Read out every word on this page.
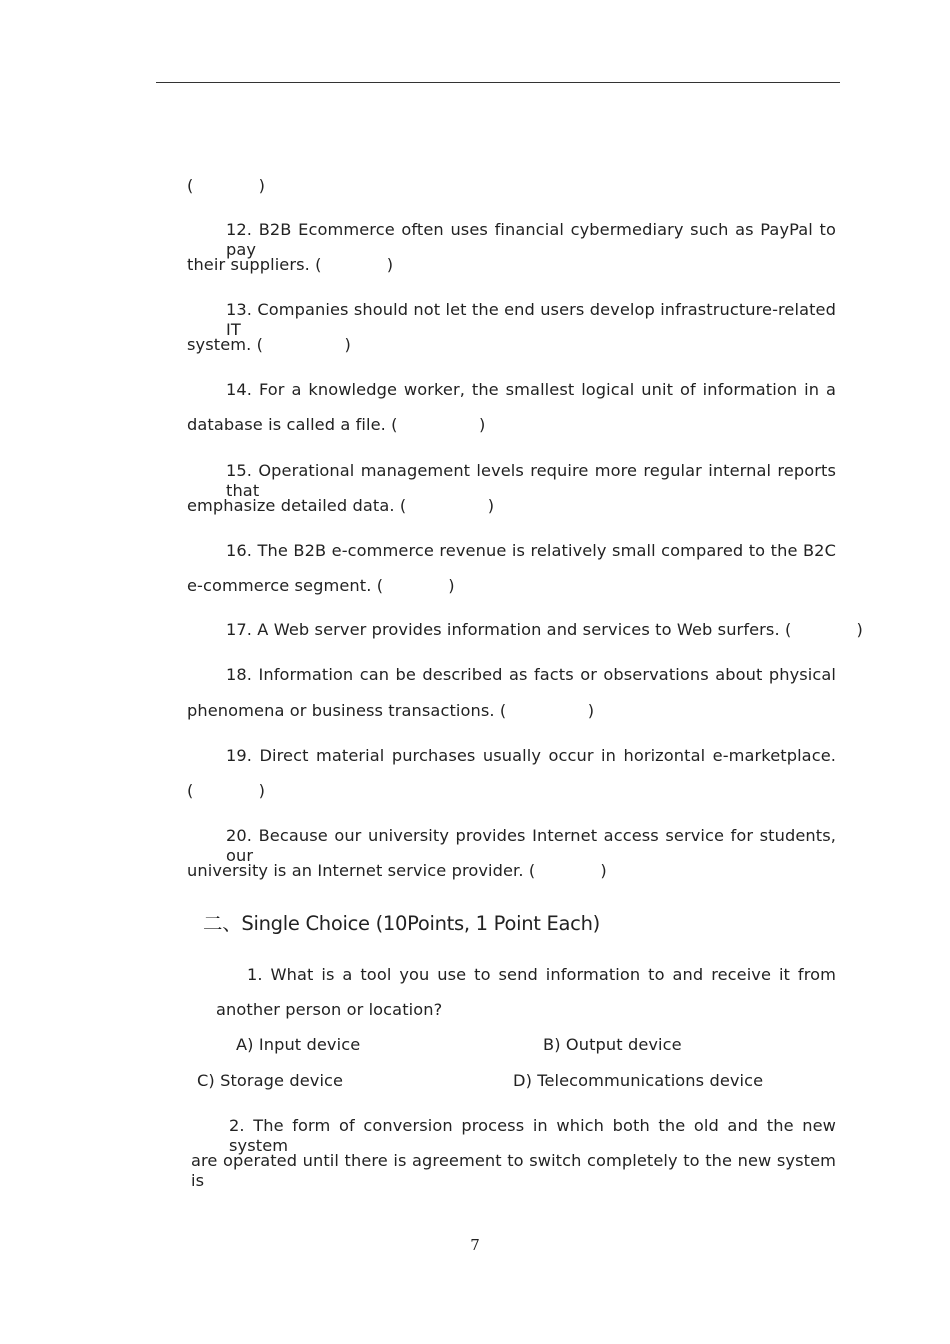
(　　　　)
12. B2B Ecommerce often uses financial cybermediary such as PayPal to pay
their suppliers. (　　　　)
13. Companies should not let the end users develop infrastructure-related IT
system. (　　　　　)
14. For a knowledge worker, the smallest logical unit of information in a
database is called a file. (　　　　　)
15. Operational management levels require more regular internal reports that
emphasize detailed data. (　　　　　)
16. The B2B e-commerce revenue is relatively small compared to the B2C
e-commerce segment. (　　　　)
17. A Web server provides information and services to Web surfers. (　　　　)
18. Information can be described as facts or observations about physical
phenomena or business transactions. (　　　　　)
19. Direct material purchases usually occur in horizontal e-marketplace.
(　　　　)
20. Because our university provides Internet access service for students, our
university is an Internet service provider. (　　　　)
1. What is a tool you use to send information to and receive it from
another person or location?
A) Input device	B) Output device
C) Storage device	D) Telecommunications device
2. The form of conversion process in which both the old and the new system
are operated until there is agreement to switch completely to the new system is
二、Single Choice (10Points, 1 Point Each)
7
